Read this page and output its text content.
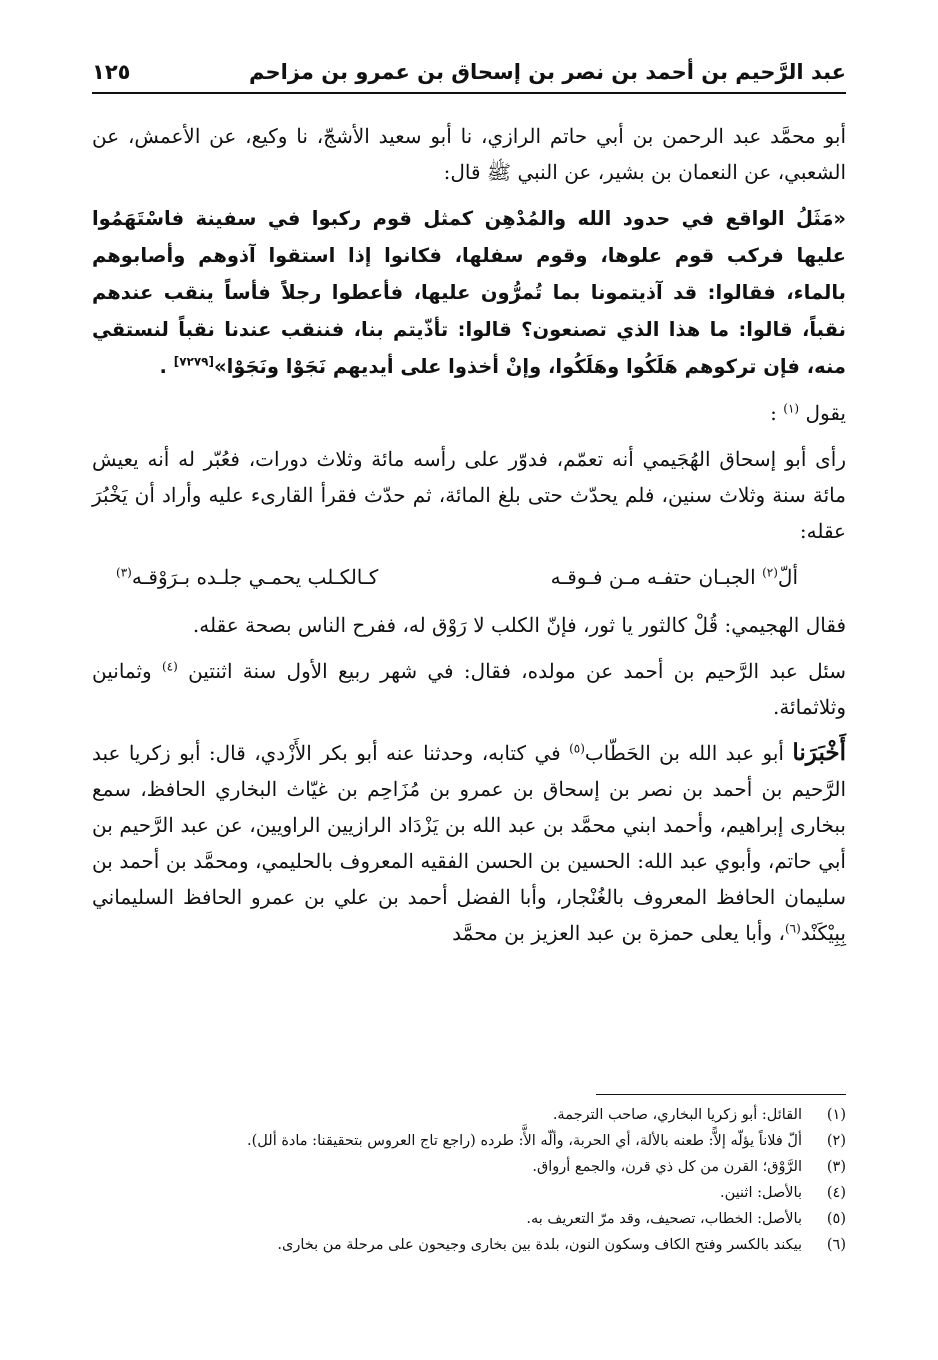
عبد الرَّحيم بن أحمد بن نصر بن إسحاق بن عمرو بن مزاحم
١٢٥

أبو محمَّد عبد الرحمن بن أبي حاتم الرازي، نا أبو سعيد الأشجّ، نا وكيع، عن الأعمش، عن الشعبي، عن النعمان بن بشير، عن النبي ﷺ قال:

«مَثَلُ الواقع في حدود الله والمُدْهِن كمثل قوم ركبوا في سفينة فاسْتَهَمُوا عليها فركب قوم علوها، وقوم سفلها، فكانوا إذا استقوا آذوهم وأصابوهم بالماء، فقالوا: قد آذيتمونا بما تُمرُّون عليها، فأعطوا رجلاً فأساً ينقب عندهم نقباً، قالوا: ما هذا الذي تصنعون؟ قالوا: تأذّيتم بنا، فننقب عندنا نقباً لنستقي منه، فإن تركوهم هَلَكُوا وهَلَكُوا، وإنْ أخذوا على أيديهم نَجَوْا ونَجَوْا»[٧٢٧٩] .

يقول $^{(١)}$ :

رأى أبو إسحاق الهُجَيمي أنه تعمّم، فدوّر على رأسه مائة وثلاث دورات، فعُبّر له أنه يعيش مائة سنة وثلاث سنين، فلم يحدّث حتى بلغ المائة، ثم حدّث فقرأ القارىء عليه وأراد أن يَخْبُرَ عقله:

ألّ$^{(٢)}$ الجبـان حتفـه مـن فـوقـه
كـالكـلب يحمـي جلـده بـرَوْقـه$^{(٣)}$

فقال الهجيمي: قُلْ كالثور يا ثور، فإنّ الكلب لا رَوْق له، ففرح الناس بصحة عقله.

سئل عبد الرَّحيم بن أحمد عن مولده، فقال: في شهر ربيع الأول سنة اثنتين $^{(٤)}$ وثمانين وثلاثمائة.

أَخْبَرَنا أبو عبد الله بن الحَطّاب$^{(٥)}$ في كتابه، وحدثنا عنه أبو بكر الأَزْدي، قال: أبو زكريا عبد الرَّحيم بن أحمد بن نصر بن إسحاق بن عمرو بن مُزَاحِم بن غيّاث البخاري الحافظ، سمع ببخارى إبراهيم، وأحمد ابني محمَّد بن عبد الله بن يَزْدَاد الرازيين الراويين، عن عبد الرَّحيم بن أبي حاتم، وأبوي عبد الله: الحسين بن الحسن الفقيه المعروف بالحليمي، ومحمَّد بن أحمد بن سليمان الحافظ المعروف بالغُنْجار، وأبا الفضل أحمد بن علي بن عمرو الحافظ السليماني بِبِيْكَنْد$^{(٦)}$، وأبا يعلى حمزة بن عبد العزيز بن محمَّد

(١)
القائل: أبو زكريا البخاري، صاحب الترجمة.
(٢)
ألّ فلاناً يؤلّه إلاًّ: طعنه بالألة، أي الحربة، وألّه الأَّ: طرده (راجع تاج العروس بتحقيقنا: مادة ألل).
(٣)
الرَّوْق؛ القرن من كل ذي قرن، والجمع أرواق.
(٤)
بالأصل: اثنين.
(٥)
بالأصل: الخطاب، تصحيف، وقد مرّ التعريف به.
(٦)
بيكند بالكسر وفتح الكاف وسكون النون، بلدة بين بخارى وجيحون على مرحلة من بخارى.
